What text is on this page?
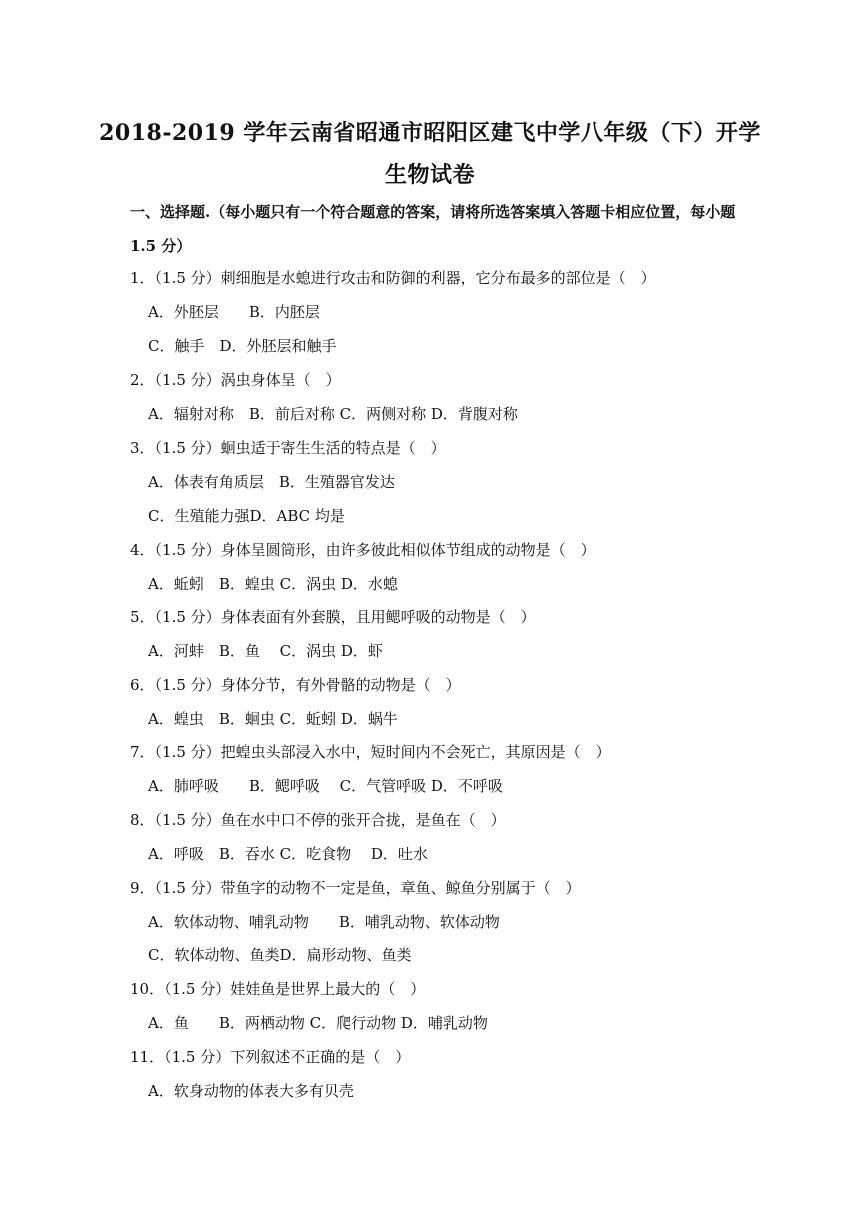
2018-2019 学年云南省昭通市昭阳区建飞中学八年级（下）开学
生物试卷
一、选择题.（每小题只有一个符合题意的答案，请将所选答案填入答题卡相应位置，每小题 1.5 分）
1．（1.5 分）刺细胞是水螅进行攻击和防御的利器，它分布最多的部位是（　）
A．外胚层　　B．内胚层
C．触手　D．外胚层和触手
2．（1.5 分）涡虫身体呈（　）
A．辐射对称　B．前后对称 C．两侧对称 D．背腹对称
3．（1.5 分）蛔虫适于寄生生活的特点是（　）
A．体表有角质层　B．生殖器官发达
C．生殖能力强D．ABC 均是
4．（1.5 分）身体呈圆筒形，由许多彼此相似体节组成的动物是（　）
A．蚯蚓　B．蝗虫 C．涡虫 D．水螅
5．（1.5 分）身体表面有外套膜，且用鳃呼吸的动物是（　）
A．河蚌　B．鱼　 C．涡虫 D．虾
6．（1.5 分）身体分节，有外骨骼的动物是（　）
A．蝗虫　B．蛔虫 C．蚯蚓 D．蜗牛
7．（1.5 分）把蝗虫头部浸入水中，短时间内不会死亡，其原因是（　）
A．肺呼吸　　B．鳃呼吸　 C．气管呼吸 D．不呼吸
8．（1.5 分）鱼在水中口不停的张开合拢，是鱼在（　）
A．呼吸　B．吞水 C．吃食物　 D．吐水
9．（1.5 分）带鱼字的动物不一定是鱼，章鱼、鲸鱼分别属于（　）
A．软体动物、哺乳动物　　B．哺乳动物、软体动物
C．软体动物、鱼类D．扁形动物、鱼类
10．（1.5 分）娃娃鱼是世界上最大的（　）
A．鱼　　B．两栖动物 C．爬行动物 D．哺乳动物
11．（1.5 分）下列叙述不正确的是（　）
A．软身动物的体表大多有贝壳
